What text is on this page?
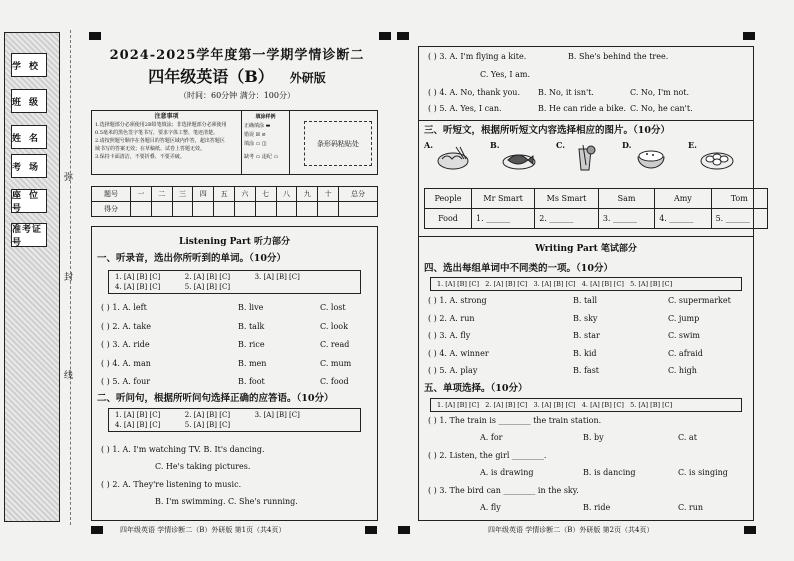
学校
班级
姓名
考场
座位号
准考证号
弥
封
线
2024-2025学年度第一学期学情诊断二
四年级英语（B） 外研版
（时间：60分钟 满分：100分）
注意事项
1.选择题部分必须使用2B铅笔填涂；非选择题部分必须使用
0.5毫米的黑色签字笔书写，要求字体工整、笔迹清楚。
2.请按照题号顺序在各题目的答题区域内作答，超出答题区
域书写的答案无效；在草稿纸、试卷上答题无效。
3.保持卡面清洁，不要折叠、不要弄破。
填涂样例
正确填涂 ▬
错误 ☒ ⊘
填涂 ▭ ◫
缺考 ▭ 违纪 ▭
条形码粘贴处
题号	一	二	三	四	五	六	七	八	九	十	总分
得分											
Listening Part 听力部分
一、听录音，选出你所听到的单词。（10分）
1. [A] [B] [C]	2. [A] [B] [C]	3. [A] [B] [C]
4. [A] [B] [C]	5. [A] [B] [C]
( ) 1. A. left	B. live	C. lost
( ) 2. A. take	B. talk	C. look
( ) 3. A. ride	B. rice	C. read
( ) 4. A. man	B. men	C. mum
( ) 5. A. four	B. foot	C. food
二、听问句，根据所听问句选择正确的应答语。（10分）
1. [A] [B] [C]	2. [A] [B] [C]	3. [A] [B] [C]
4. [A] [B] [C]	5. [A] [B] [C]
( ) 1. A. I'm watching TV. B. It's dancing.
C. He's taking pictures.
( ) 2. A. They're listening to music.
B. I'm swimming. C. She's running.
四年级英语 学情诊断二（B）外研版 第1页（共4页）
( ) 3. A. I'm flying a kite.	B. She's behind the tree.
C. Yes, I am.
( ) 4. A. No, thank you. B. No, it isn't.	C. No, I'm not.
( ) 5. A. Yes, I can.	B. He can ride a bike. C. No, he can't.
三、听短文，根据所听短文内容选择相应的图片。（10分）
A.	B.	C.	D.	E.
People	Mr Smart	Ms Smart	Sam	Amy	Tom
Food	1. ______	2. ______	3. ______	4. ______	5. ______
Writing Part 笔试部分
四、选出每组单词中不同类的一项。（10分）
1. [A] [B] [C] 2. [A] [B] [C] 3. [A] [B] [C] 4. [A] [B] [C] 5. [A] [B] [C]
( ) 1. A. strong	B. tall	C. supermarket
( ) 2. A. run	B. sky	C. jump
( ) 3. A. fly	B. star	C. swim
( ) 4. A. winner	B. kid	C. afraid
( ) 5. A. play	B. fast	C. high
五、单项选择。（10分）
1. [A] [B] [C] 2. [A] [B] [C] 3. [A] [B] [C] 4. [A] [B] [C] 5. [A] [B] [C]
( ) 1. The train is ________ the train station.
A. for	B. by	C. at
( ) 2. Listen, the girl ________.
A. is drawing	B. is dancing	C. is singing
( ) 3. The bird can ________ in the sky.
A. fly	B. ride	C. run
四年级英语 学情诊断二（B）外研版 第2页（共4页）
